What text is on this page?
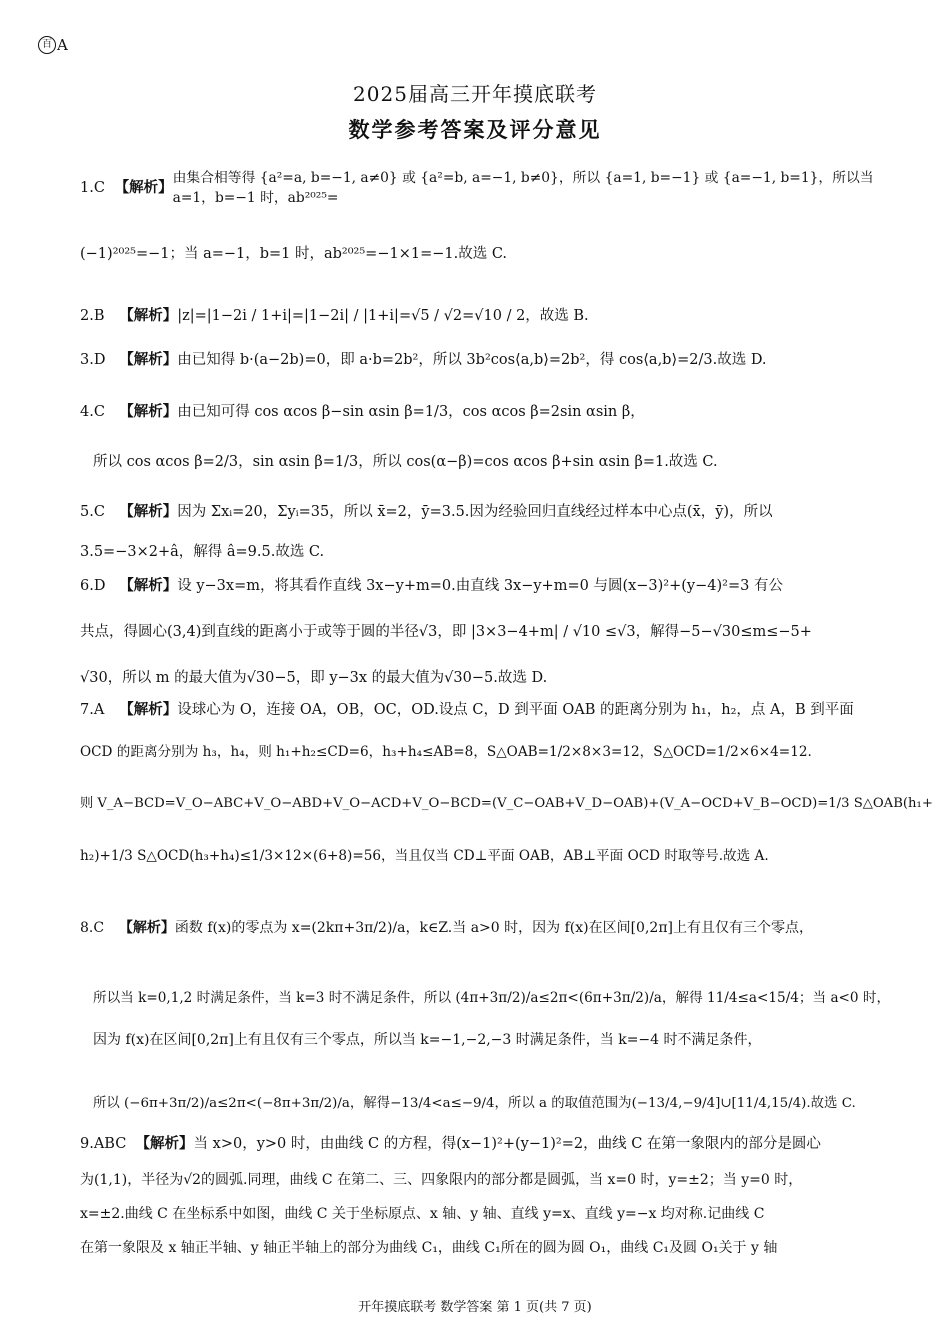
百 A
2025届高三开年摸底联考
数学参考答案及评分意见
1.C
【解析】
由集合相等得 {a²=a, b=−1, a≠0} 或 {a²=b, a=−1, b≠0}，所以 {a=1, b=−1} 或 {a=−1, b=1}，所以当 a=1，b=−1 时，ab²⁰²⁵=
(−1)²⁰²⁵=−1；当 a=−1，b=1 时，ab²⁰²⁵=−1×1=−1.故选 C.
2.B 【解析】|z|=|1−2i / 1+i|=|1−2i| / |1+i|=√5 / √2=√10 / 2，故选 B.
3.D 【解析】由已知得 b·(a−2b)=0，即 a·b=2b²，所以 3b²cos⟨a,b⟩=2b²，得 cos⟨a,b⟩=2/3.故选 D.
4.C 【解析】由已知可得 cos αcos β−sin αsin β=1/3，cos αcos β=2sin αsin β，
所以 cos αcos β=2/3，sin αsin β=1/3，所以 cos(α−β)=cos αcos β+sin αsin β=1.故选 C.
5.C 【解析】因为 Σxᵢ=20，Σyᵢ=35，所以 x̄=2，ȳ=3.5.因为经验回归直线经过样本中心点(x̄，ȳ)，所以
3.5=−3×2+â，解得 â=9.5.故选 C.
6.D 【解析】设 y−3x=m，将其看作直线 3x−y+m=0.由直线 3x−y+m=0 与圆(x−3)²+(y−4)²=3 有公
共点，得圆心(3,4)到直线的距离小于或等于圆的半径√3，即 |3×3−4+m| / √10 ≤√3，解得−5−√30≤m≤−5+
√30，所以 m 的最大值为√30−5，即 y−3x 的最大值为√30−5.故选 D.
7.A 【解析】设球心为 O，连接 OA，OB，OC，OD.设点 C，D 到平面 OAB 的距离分别为 h₁，h₂，点 A，B 到平面
OCD 的距离分别为 h₃，h₄，则 h₁+h₂≤CD=6，h₃+h₄≤AB=8，S△OAB=1/2×8×3=12，S△OCD=1/2×6×4=12.
则 V_A−BCD=V_O−ABC+V_O−ABD+V_O−ACD+V_O−BCD=(V_C−OAB+V_D−OAB)+(V_A−OCD+V_B−OCD)=1/3 S△OAB(h₁+
h₂)+1/3 S△OCD(h₃+h₄)≤1/3×12×(6+8)=56，当且仅当 CD⊥平面 OAB，AB⊥平面 OCD 时取等号.故选 A.
8.C 【解析】函数 f(x)的零点为 x=(2kπ+3π/2)/a，k∈Z.当 a>0 时，因为 f(x)在区间[0,2π]上有且仅有三个零点，
所以当 k=0,1,2 时满足条件，当 k=3 时不满足条件，所以 (4π+3π/2)/a≤2π<(6π+3π/2)/a，解得 11/4≤a<15/4；当 a<0 时，
因为 f(x)在区间[0,2π]上有且仅有三个零点，所以当 k=−1,−2,−3 时满足条件，当 k=−4 时不满足条件，
所以 (−6π+3π/2)/a≤2π<(−8π+3π/2)/a，解得−13/4<a≤−9/4，所以 a 的取值范围为(−13/4,−9/4]∪[11/4,15/4).故选 C.
9.ABC 【解析】当 x>0，y>0 时，由曲线 C 的方程，得(x−1)²+(y−1)²=2，曲线 C 在第一象限内的部分是圆心
为(1,1)，半径为√2的圆弧.同理，曲线 C 在第二、三、四象限内的部分都是圆弧，当 x=0 时，y=±2；当 y=0 时，
x=±2.曲线 C 在坐标系中如图，曲线 C 关于坐标原点、x 轴、y 轴、直线 y=x、直线 y=−x 均对称.记曲线 C
在第一象限及 x 轴正半轴、y 轴正半轴上的部分为曲线 C₁，曲线 C₁所在的圆为圆 O₁，曲线 C₁及圆 O₁关于 y 轴
开年摸底联考 数学答案 第 1 页(共 7 页)
